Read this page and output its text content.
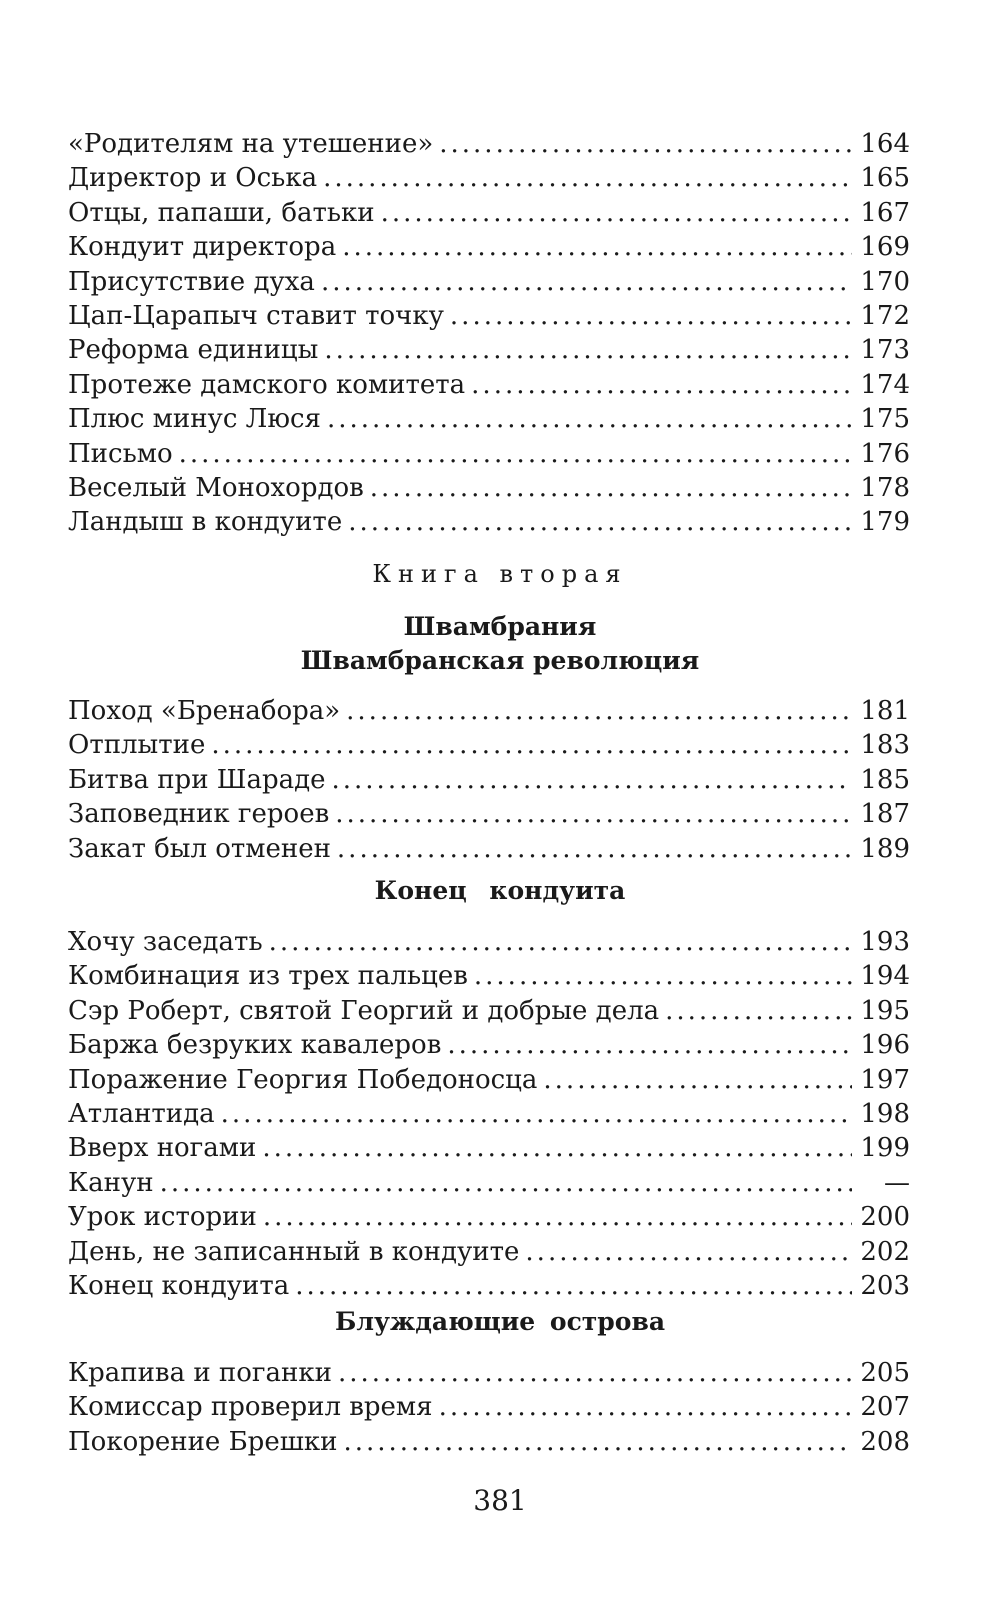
«Родителям на утешение» .....	164
Директор и Оська .....	165
Отцы, папаши, батьки .....	167
Кондуит директора .....	169
Присутствие духа .....	170
Цап-Царапыч ставит точку .....	172
Реформа единицы .....	173
Протеже дамского комитета .....	174
Плюс минус Люся .....	175
Письмо .....	176
Веселый Монохордов .....	178
Ландыш в кондуите .....	179
Книга вторая
Швамбрания
Швамбранская революция
Поход «Бренабора» .....	181
Отплытие .....	183
Битва при Шараде .....	185
Заповедник героев .....	187
Закат был отменен .....	189
Конец кондуита
Хочу заседать .....	193
Комбинация из трех пальцев .....	194
Сэр Роберт, святой Георгий и добрые дела .....	195
Баржа безруких кавалеров .....	196
Поражение Георгия Победоносца .....	197
Атлантида .....	198
Вверх ногами .....	199
Канун .....	—
Урок истории .....	200
День, не записанный в кондуите .....	202
Конец кондуита .....	203
Блуждающие острова
Крапива и поганки .....	205
Комиссар проверил время .....	207
Покорение Брешки .....	208
381
